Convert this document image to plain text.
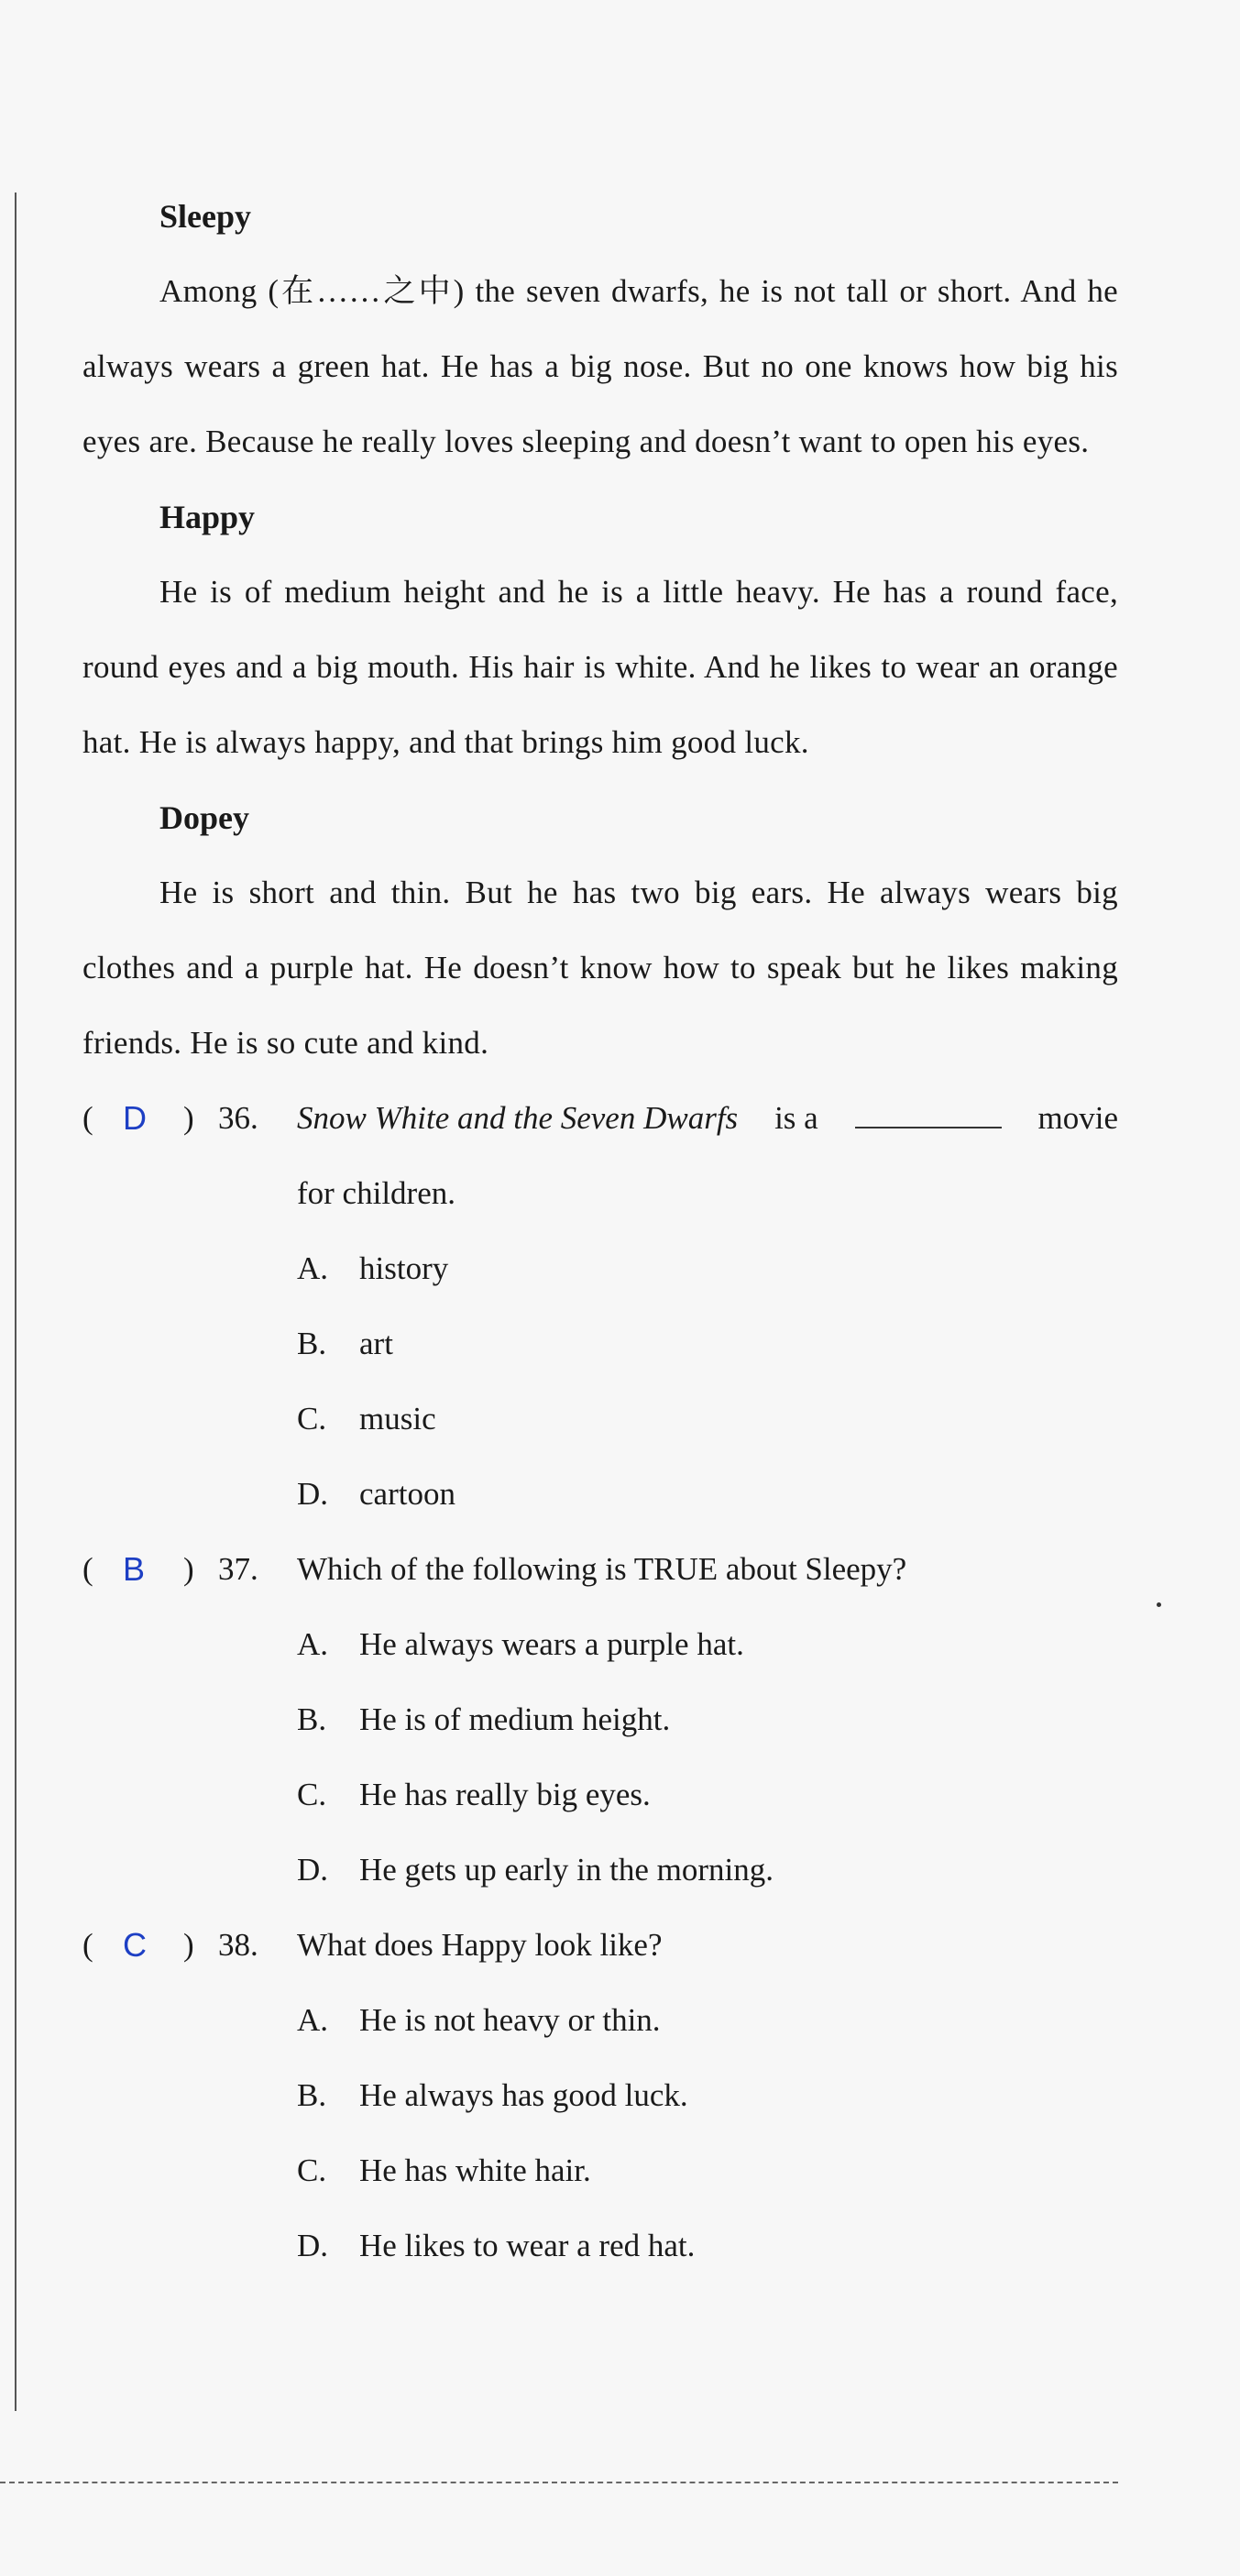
Sleepy
Among (在……之中) the seven dwarfs, he is not tall or short. And he always wears a green hat. He has a big nose. But no one knows how big his eyes are. Because he really loves sleeping and doesn’t want to open his eyes.
Happy
He is of medium height and he is a little heavy. He has a round face, round eyes and a big mouth. His hair is white. And he likes to wear an orange hat. He is always happy, and that brings him good luck.
Dopey
He is short and thin. But he has two big ears. He always wears big clothes and a purple hat. He doesn’t know how to speak but he likes making friends. He is so cute and kind.
( D ) 36. Snow White and the Seven Dwarfs is a	movie
for children.
A. history
B. art
C. music
D. cartoon
( B ) 37. Which of the following is TRUE about Sleepy?
A. He always wears a purple hat.
B. He is of medium height.
C. He has really big eyes.
D. He gets up early in the morning.
( C ) 38. What does Happy look like?
A. He is not heavy or thin.
B. He always has good luck.
C. He has white hair.
D. He likes to wear a red hat.
